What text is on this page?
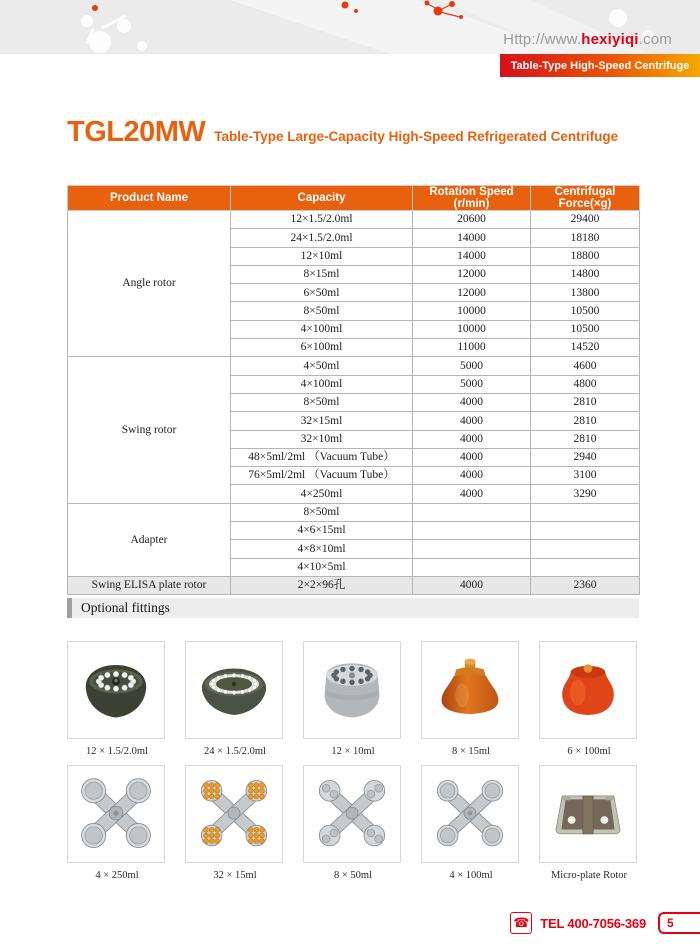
Http://www.hexiyiqi.com
Table-Type High-Speed Centrifuge
TGL20MW Table-Type Large-Capacity High-Speed Refrigerated Centrifuge
Product Name	Capacity	Rotation Speed (r/min)	Centrifugal Force(×g)
Angle rotor	12×1.5/2.0ml	20600	29400
	24×1.5/2.0ml	14000	18180
	12×10ml	14000	18800
	8×15ml	12000	14800
	6×50ml	12000	13800
	8×50ml	10000	10500
	4×100ml	10000	10500
	6×100ml	11000	14520
Swing rotor	4×50ml	5000	4600
	4×100ml	5000	4800
	8×50ml	4000	2810
	32×15ml	4000	2810
	32×10ml	4000	2810
	48×5ml/2ml （Vacuum Tube）	4000	2940
	76×5ml/2ml （Vacuum Tube）	4000	3100
	4×250ml	4000	3290
Adapter	8×50ml		
	4×6×15ml		
	4×8×10ml		
	4×10×5ml		
Swing ELISA plate rotor	2×2×96孔	4000	2360
Optional fittings
12 × 1.5/2.0ml	24 × 1.5/2.0ml	12 × 10ml	8 × 15ml	6 × 100ml
4 × 250ml	32 × 15ml	8 × 50ml	4 × 100ml	Micro-plate Rotor
☎ TEL 400-7056-369	5
